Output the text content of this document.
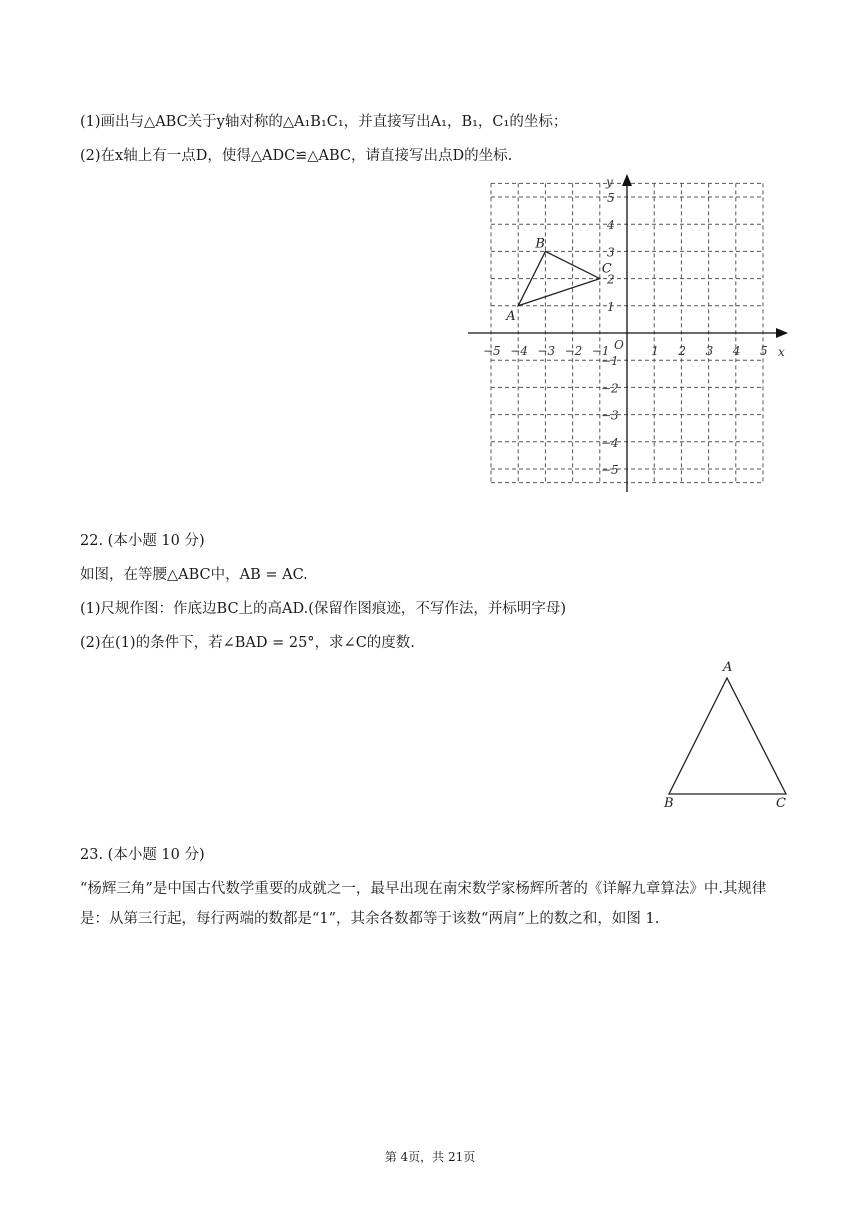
(1)画出与△ABC关于y轴对称的△A₁B₁C₁，并直接写出A₁，B₁，C₁的坐标；
(2)在x轴上有一点D，使得△ADC≌△ABC，请直接写出点D的坐标.
−5 −4 −3 −2 −1	1 2 3 4 5
5
4
3
2
1
−1
−2
−3
−4
−5
x
y
O
A
B
C
22. (本小题 10 分)
如图，在等腰△ABC中，AB = AC.
(1)尺规作图：作底边BC上的高AD.(保留作图痕迹，不写作法，并标明字母)
(2)在(1)的条件下，若∠BAD = 25°，求∠C的度数.
A
B	C
23. (本小题 10 分)
“杨辉三角”是中国古代数学重要的成就之一，最早出现在南宋数学家杨辉所著的《详解九章算法》中.其规律是：从第三行起，每行两端的数都是“1”，其余各数都等于该数“两肩”上的数之和，如图 1.
第 4页，共 21页
